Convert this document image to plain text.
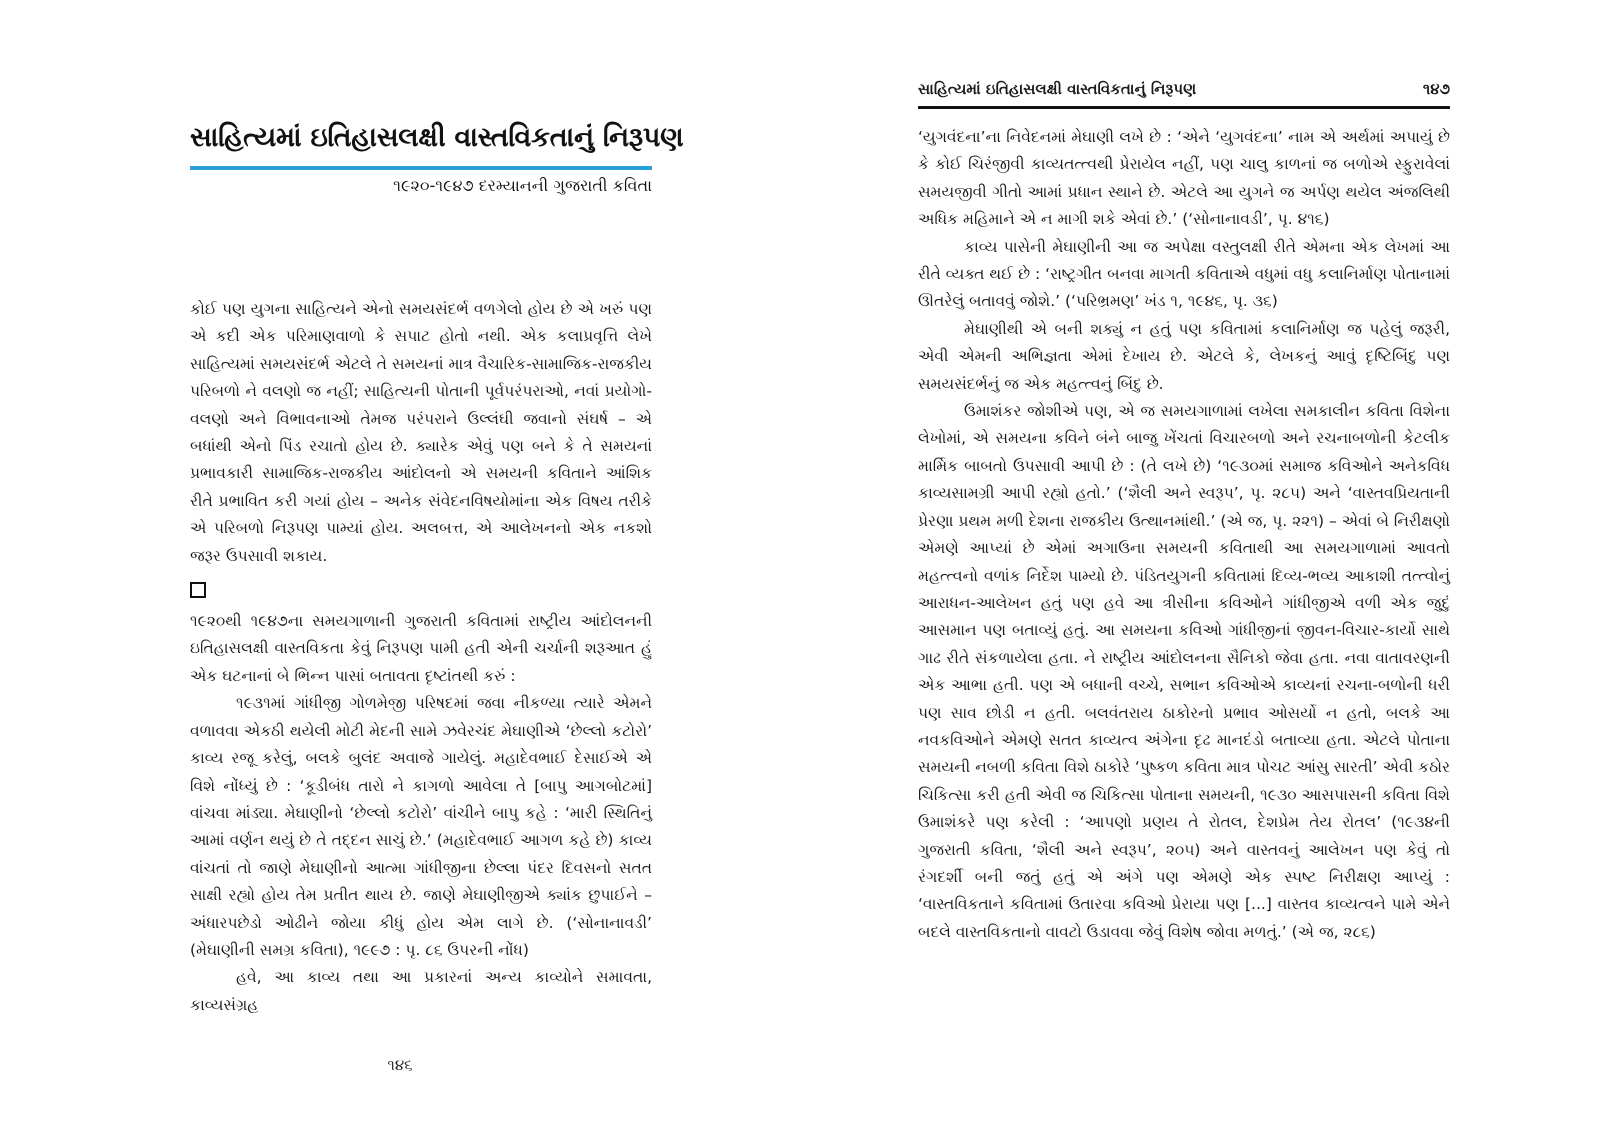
સાહિત્યમાં ઇતિહાસલક્ષી વાસ્તવિકતાનું નિરૂપણ
૧૯૨૦-૧૯૪૭ દરમ્યાનની ગુજરાતી કવિતા

કોઈ પણ યુગના સાહિત્યને એનો સમયસંદર્ભ વળગેલો હોય છે એ ખરું પણ એ કદી એક પરિમાણવાળો કે સપાટ હોતો નથી. એક કલાપ્રવૃત્તિ લેખે સાહિત્યમાં સમયસંદર્ભ એટલે તે સમયનાં માત્ર વૈચારિક-સામાજિક-રાજકીય પરિબળો ને વલણો જ નહીં; સાહિત્યની પોતાની પૂર્વપરંપરાઓ, નવાં પ્રયોગો-વલણો અને વિભાવનાઓ તેમજ પરંપરાને ઉલ્લંઘી જવાનો સંઘર્ષ – એ બધાંથી એનો પિંડ રચાતો હોય છે. ક્યારેક એવું પણ બને કે તે સમયનાં પ્રભાવકારી સામાજિક-રાજકીય આંદોલનો એ સમયની કવિતાને આંશિક રીતે પ્રભાવિત કરી ગયાં હોય – અનેક સંવેદનવિષયોમાંના એક વિષય તરીકે એ પરિબળો નિરૂપણ પામ્યાં હોય. અલબત્ત, એ આલેખનનો એક નકશો જરૂર ઉપસાવી શકાય.

૧૯૨૦થી ૧૯૪૭ના સમયગાળાની ગુજરાતી કવિતામાં રાષ્ટ્રીય આંદોલનની ઇતિહાસલક્ષી વાસ્તવિકતા કેવું નિરૂપણ પામી હતી એની ચર્ચાની શરૂઆત હું એક ઘટનાનાં બે ભિન્ન પાસાં બતાવતા દૃષ્ટાંતથી કરું :

૧૯૩૧માં ગાંધીજી ગોળમેજી પરિષદમાં જવા નીકળ્યા ત્યારે એમને વળાવવા એકઠી થયેલી મોટી મેદની સામે ઝવેરચંદ મેઘાણીએ ‘છેલ્લો કટોરો’ કાવ્ય રજૂ કરેલું, બલકે બુલંદ અવાજે ગાયેલું. મહાદેવભાઈ દેસાઈએ એ વિશે નોંધ્યું છે : ‘કૂડીબંધ તારો ને કાગળો આવેલા તે [બાપુ આગબોટમાં] વાંચવા માંડ્યા. મેઘાણીનો ‘છેલ્લો કટોરો’ વાંચીને બાપુ કહે : ‘મારી સ્થિતિનું આમાં વર્ણન થયું છે તે તદ્દન સાચું છે.’ (મહાદેવભાઈ આગળ કહે છે) કાવ્ય વાંચતાં તો જાણે મેઘાણીનો આત્મા ગાંધીજીના છેલ્લા પંદર દિવસનો સતત સાક્ષી રહ્યો હોય તેમ પ્રતીત થાય છે. જાણે મેઘાણીજીએ ક્યાંક છુપાઈને – અંધારપછેડો ઓઢીને જોયા કીધું હોય એમ લાગે છે. (‘સોનાનાવડી’ (મેઘાણીની સમગ્ર કવિતા), ૧૯૯૭ : પૃ. ૮૬ ઉપરની નોંધ)

હવે, આ કાવ્ય તથા આ પ્રકારનાં અન્ય કાવ્યોને સમાવતા, કાવ્યસંગ્રહ

૧૪૬
સાહિત્યમાં ઇતિહાસલક્ષી વાસ્તવિકતાનું નિરૂપણ	૧૪૭

‘યુગવંદના’ના નિવેદનમાં મેઘાણી લખે છે : ‘એને ‘યુગવંદના’ નામ એ અર્થમાં અપાયું છે કે કોઈ ચિરંજીવી કાવ્યતત્ત્વથી પ્રેરાયેલ નહીં, પણ ચાલુ કાળનાં જ બળોએ સ્ફુરાવેલાં સમયજીવી ગીતો આમાં પ્રધાન સ્થાને છે. એટલે આ યુગને જ અર્પણ થયેલ અંજલિથી અધિક મહિમાને એ ન માગી શકે એવાં છે.’ (‘સોનાનાવડી’, પૃ. ૪૧૬)

કાવ્ય પાસેની મેઘાણીની આ જ અપેક્ષા વસ્તુલક્ષી રીતે એમના એક લેખમાં આ રીતે વ્યક્ત થઈ છે : ‘રાષ્ટ્રગીત બનવા માગતી કવિતાએ વધુમાં વધુ કલાનિર્માણ પોતાનામાં ઊતરેલું બતાવવું જોશે.’ (‘પરિભ્રમણ’ ખંડ ૧, ૧૯૪૬, પૃ. ૩૬)

મેઘાણીથી એ બની શક્યું ન હતું પણ કવિતામાં કલાનિર્માણ જ પહેલું જરૂરી, એવી એમની અભિજ્ઞતા એમાં દેખાય છે. એટલે કે, લેખકનું આવું દૃષ્ટિબિંદુ પણ સમયસંદર્ભનું જ એક મહત્ત્વનું બિંદુ છે.

ઉમાશંકર જોશીએ પણ, એ જ સમયગાળામાં લખેલા સમકાલીન કવિતા વિશેના લેખોમાં, એ સમયના કવિને બંને બાજુ ખેંચતાં વિચારબળો અને રચનાબળોની કેટલીક માર્મિક બાબતો ઉપસાવી આપી છે : (તે લખે છે) ‘૧૯૩૦માં સમાજ કવિઓને અનેકવિધ કાવ્યસામગ્રી આપી રહ્યો હતો.’ (‘શૈલી અને સ્વરૂપ’, પૃ. ૨૮૫) અને ‘વાસ્તવપ્રિયતાની પ્રેરણા પ્રથમ મળી દેશના રાજકીય ઉત્થાનમાંથી.’ (એ જ, પૃ. ૨૨૧) – એવાં બે નિરીક્ષણો એમણે આપ્યાં છે એમાં અગાઉના સમયની કવિતાથી આ સમયગાળામાં આવતો મહત્ત્વનો વળાંક નિર્દેશ પામ્યો છે. પંડિતયુગની કવિતામાં દિવ્ય-ભવ્ય આકાશી તત્ત્વોનું આરાધન-આલેખન હતું પણ હવે આ ત્રીસીના કવિઓને ગાંધીજીએ વળી એક જુદું આસમાન પણ બતાવ્યું હતું. આ સમયના કવિઓ ગાંધીજીનાં જીવન-વિચાર-કાર્યો સાથે ગાઢ રીતે સંકળાયેલા હતા. ને રાષ્ટ્રીય આંદોલનના સૈનિકો જેવા હતા. નવા વાતાવરણની એક આભા હતી. પણ એ બધાની વચ્ચે, સભાન કવિઓએ કાવ્યનાં રચના-બળોની ધરી પણ સાવ છોડી ન હતી. બલવંતરાય ઠાકોરનો પ્રભાવ ઓસર્યો ન હતો, બલકે આ નવકવિઓને એમણે સતત કાવ્યત્વ અંગેના દૃઢ માનદંડો બતાવ્યા હતા. એટલે પોતાના સમયની નબળી કવિતા વિશે ઠાકોરે ‘પુષ્કળ કવિતા માત્ર પોચટ આંસુ સારતી’ એવી કઠોર ચિકિત્સા કરી હતી એવી જ ચિકિત્સા પોતાના સમયની, ૧૯૩૦ આસપાસની કવિતા વિશે ઉમાશંકરે પણ કરેલી : ‘આપણો પ્રણય તે રોતલ, દેશપ્રેમ તેય રોતલ’ (૧૯૩૪ની ગુજરાતી કવિતા, ‘શૈલી અને સ્વરૂપ’, ૨૦૫) અને વાસ્તવનું આલેખન પણ કેવું તો રંગદર્શી બની જતું હતું એ અંગે પણ એમણે એક સ્પષ્ટ નિરીક્ષણ આપ્યું : ‘વાસ્તવિકતાને કવિતામાં ઉતારવા કવિઓ પ્રેરાયા પણ [...] વાસ્તવ કાવ્યત્વને પામે એને બદલે વાસ્તવિકતાનો વાવટો ઉડાવવા જેવું વિશેષ જોવા મળતું.’ (એ જ, ૨૮૬)
